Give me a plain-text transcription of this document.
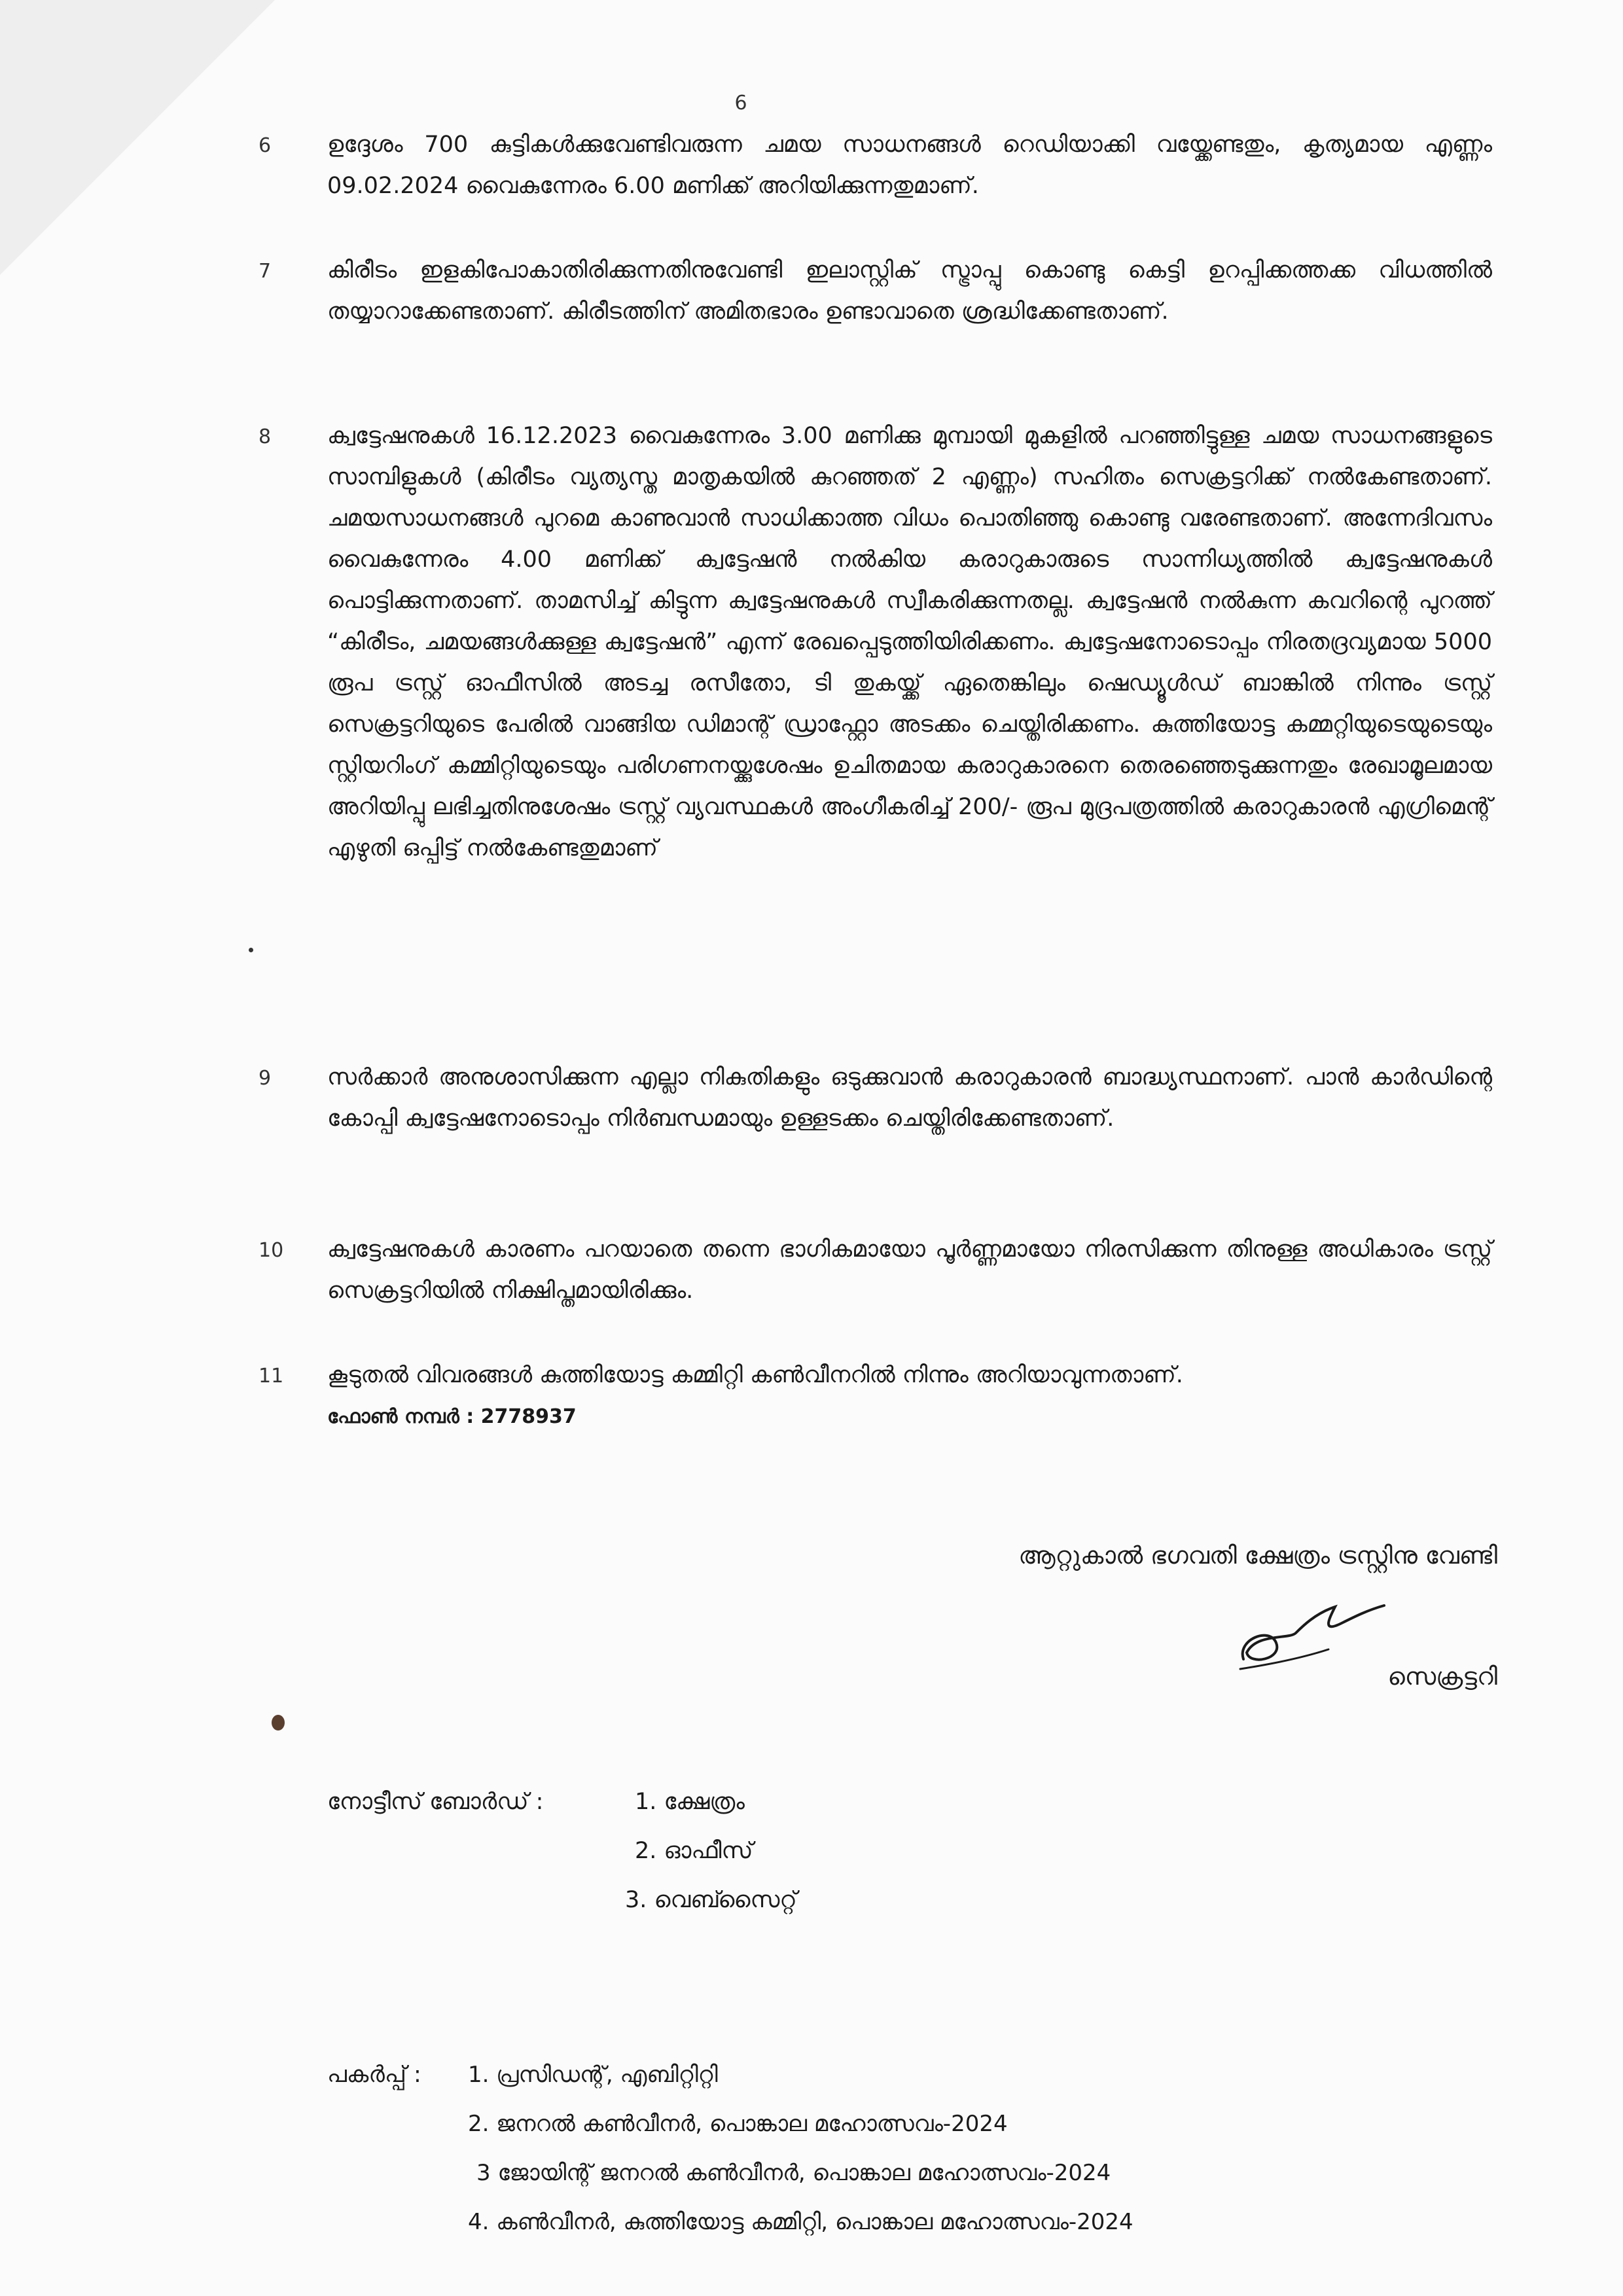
6
6 ഉദ്ദേശം 700 കുട്ടികൾക്കുവേണ്ടിവരുന്ന ചമയ സാധനങ്ങൾ റെഡിയാക്കി വയ്ക്കേണ്ടതും, കൃത്യമായ എണ്ണം 09.02.2024 വൈകുന്നേരം 6.00 മണിക്ക് അറിയിക്കുന്നതുമാണ്.
7 കിരീടം ഇളകിപോകാതിരിക്കുന്നതിനുവേണ്ടി ഇലാസ്റ്റിക് സ്ട്രാപ്പു കൊണ്ടു കെട്ടി ഉറപ്പിക്കത്തക്ക വിധത്തിൽ തയ്യാറാക്കേണ്ടതാണ്. കിരീടത്തിന് അമിതഭാരം ഉണ്ടാവാതെ ശ്രദ്ധിക്കേണ്ടതാണ്.
8 ക്വട്ടേഷനുകൾ 16.12.2023 വൈകുന്നേരം 3.00 മണിക്കു മുമ്പായി മുകളിൽ പറഞ്ഞിട്ടുള്ള ചമയ സാധനങ്ങളുടെ സാമ്പിളുകൾ (കിരീടം വ്യത്യസ്ത മാതൃകയിൽ കുറഞ്ഞത് 2 എണ്ണം) സഹിതം സെക്രട്ടറിക്ക് നൽകേണ്ടതാണ്. ചമയസാധനങ്ങൾ പുറമെ കാണുവാൻ സാധിക്കാത്ത വിധം പൊതിഞ്ഞു കൊണ്ടു വരേണ്ടതാണ്. അന്നേദിവസം വൈകുന്നേരം 4.00 മണിക്ക് ക്വട്ടേഷൻ നൽകിയ കരാറുകാരുടെ സാന്നിധ്യത്തിൽ ക്വട്ടേഷനുകൾ പൊട്ടിക്കുന്നതാണ്. താമസിച്ച് കിട്ടുന്ന ക്വട്ടേഷനുകൾ സ്വീകരിക്കുന്നതല്ല. ക്വട്ടേഷൻ നൽകുന്ന കവറിന്റെ പുറത്ത് “കിരീടം, ചമയങ്ങൾക്കുള്ള ക്വട്ടേഷൻ” എന്ന് രേഖപ്പെടുത്തിയിരിക്കണം. ക്വട്ടേഷനോടൊപ്പം നിരതദ്രവ്യമായ 5000 രൂപ ട്രസ്റ്റ് ഓഫീസിൽ അടച്ച രസീതോ, ടി തുകയ്ക്ക് ഏതെങ്കിലും ഷെഡ്യൂൾഡ് ബാങ്കിൽ നിന്നും ട്രസ്റ്റ് സെക്രട്ടറിയുടെ പേരിൽ വാങ്ങിയ ഡിമാന്റ് ഡ്രാഫ്റ്റോ അടക്കം ചെയ്തിരിക്കണം. കുത്തിയോട്ട കമ്മറ്റിയുടെയുടെയും സ്റ്റിയറിംഗ് കമ്മിറ്റിയുടെയും പരിഗണനയ്ക്കുശേഷം ഉചിതമായ കരാറുകാരനെ തെരഞ്ഞെടുക്കുന്നതും രേഖാമൂലമായ അറിയിപ്പു ലഭിച്ചതിനുശേഷം ട്രസ്റ്റ് വ്യവസ്ഥകൾ അംഗീകരിച്ച് 200/- രൂപ മുദ്രപത്രത്തിൽ കരാറുകാരൻ എഗ്രിമെന്റ് എഴുതി ഒപ്പിട്ട് നൽകേണ്ടതുമാണ്
9 സർക്കാർ അനുശാസിക്കുന്ന എല്ലാ നികുതികളും ഒടുക്കുവാൻ കരാറുകാരൻ ബാദ്ധ്യസ്ഥനാണ്. പാൻ കാർഡിന്റെ കോപ്പി ക്വട്ടേഷനോടൊപ്പം നിർബന്ധമായും ഉള്ളടക്കം ചെയ്തിരിക്കേണ്ടതാണ്.
10 ക്വട്ടേഷനുകൾ കാരണം പറയാതെ തന്നെ ഭാഗികമായോ പൂർണ്ണമായോ നിരസിക്കുന്ന തിനുള്ള അധികാരം ട്രസ്റ്റ് സെക്രട്ടറിയിൽ നിക്ഷിപ്തമായിരിക്കും.
11 കൂടുതൽ വിവരങ്ങൾ കുത്തിയോട്ട കമ്മിറ്റി കൺവീനറിൽ നിന്നും അറിയാവുന്നതാണ്.
ഫോൺ നമ്പർ : 2778937
ആറ്റുകാൽ ഭഗവതി ക്ഷേത്രം ട്രസ്റ്റിനു വേണ്ടി
സെക്രട്ടറി
നോട്ടീസ് ബോർഡ് :	1. ക്ഷേത്രം
2. ഓഫീസ്
3. വെബ്സൈറ്റ്
പകർപ്പ് : 1. പ്രസിഡന്റ്, എബിറ്റിറ്റി
2. ജനറൽ കൺവീനർ, പൊങ്കാല മഹോത്സവം-2024
3 ജോയിന്റ് ജനറൽ കൺവീനർ, പൊങ്കാല മഹോത്സവം-2024
4. കൺവീനർ, കുത്തിയോട്ട കമ്മിറ്റി, പൊങ്കാല മഹോത്സവം-2024
